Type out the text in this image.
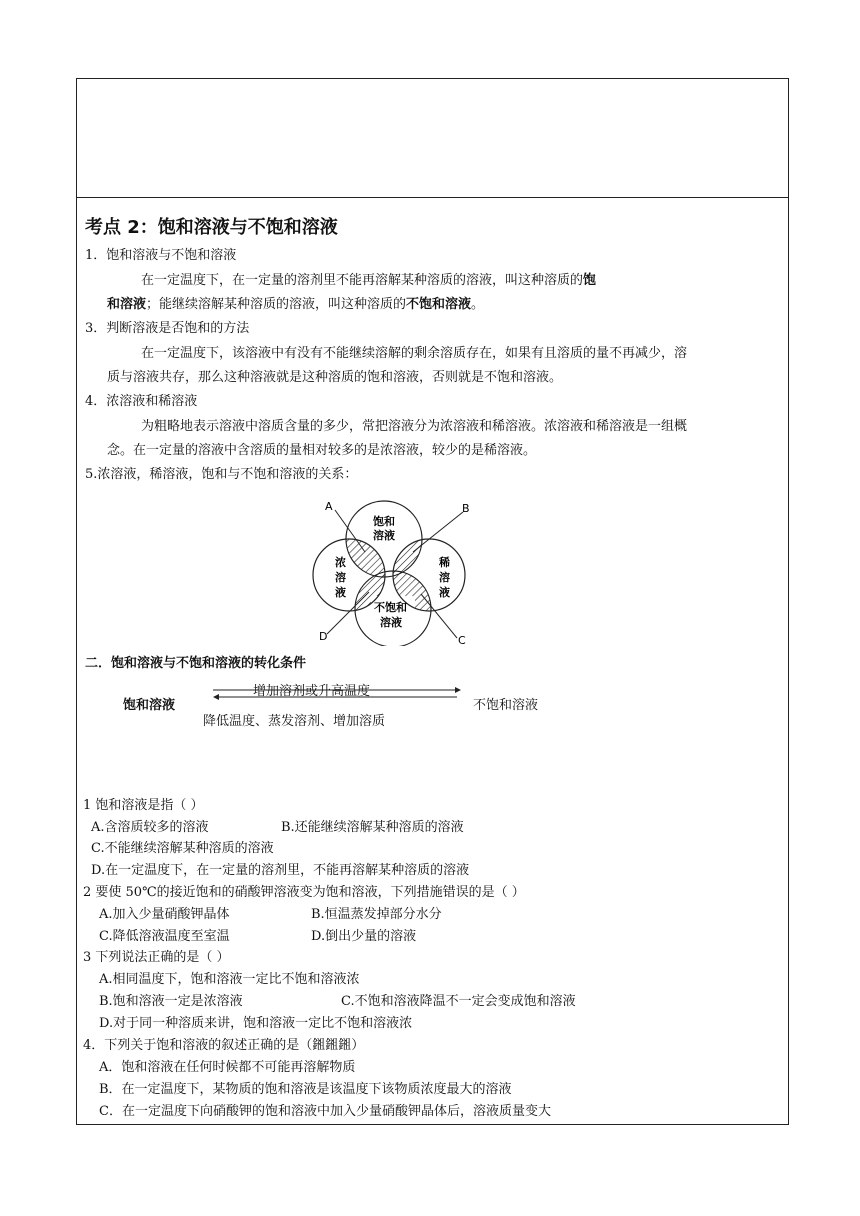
考点 2：饱和溶液与不饱和溶液
1．饱和溶液与不饱和溶液
在一定温度下，在一定量的溶剂里不能再溶解某种溶质的溶液，叫这种溶质的饱
和溶液；能继续溶解某种溶质的溶液，叫这种溶质的不饱和溶液。
3．判断溶液是否饱和的方法
在一定温度下，该溶液中有没有不能继续溶解的剩余溶质存在，如果有且溶质的量不再减少，溶
质与溶液共存，那么这种溶液就是这种溶质的饱和溶液，否则就是不饱和溶液。
4．浓溶液和稀溶液
为粗略地表示溶液中溶质含量的多少，常把溶液分为浓溶液和稀溶液。浓溶液和稀溶液是一组概
念。在一定量的溶液中含溶质的量相对较多的是浓溶液，较少的是稀溶液。
5.浓溶液，稀溶液，饱和与不饱和溶液的关系：
A	B
C
D
饱和
溶液
浓
溶
液
稀
溶
液
不饱和
溶液
二．饱和溶液与不饱和溶液的转化条件
饱和溶液	不饱和溶液
增加溶剂或升高温度
降低温度、蒸发溶剂、增加溶质
1 饱和溶液是指（ ）
A.含溶质较多的溶液	B.还能继续溶解某种溶质的溶液
C.不能继续溶解某种溶质的溶液
D.在一定温度下，在一定量的溶剂里，不能再溶解某种溶质的溶液
2 要使 50℃的接近饱和的硝酸钾溶液变为饱和溶液，下列措施错误的是（ ）
A.加入少量硝酸钾晶体	B.恒温蒸发掉部分水分
C.降低溶液温度至室温	D.倒出少量的溶液
3 下列说法正确的是（ ）
A.相同温度下，饱和溶液一定比不饱和溶液浓
B.饱和溶液一定是浓溶液	C.不饱和溶液降温不一定会变成饱和溶液
D.对于同一种溶质来讲，饱和溶液一定比不饱和溶液浓
4．下列关于饱和溶液的叙述正确的是（鎺鎺鎺）
A．饱和溶液在任何时候都不可能再溶解物质
B．在一定温度下，某物质的饱和溶液是该温度下该物质浓度最大的溶液
C．在一定温度下向硝酸钾的饱和溶液中加入少量硝酸钾晶体后，溶液质量变大
